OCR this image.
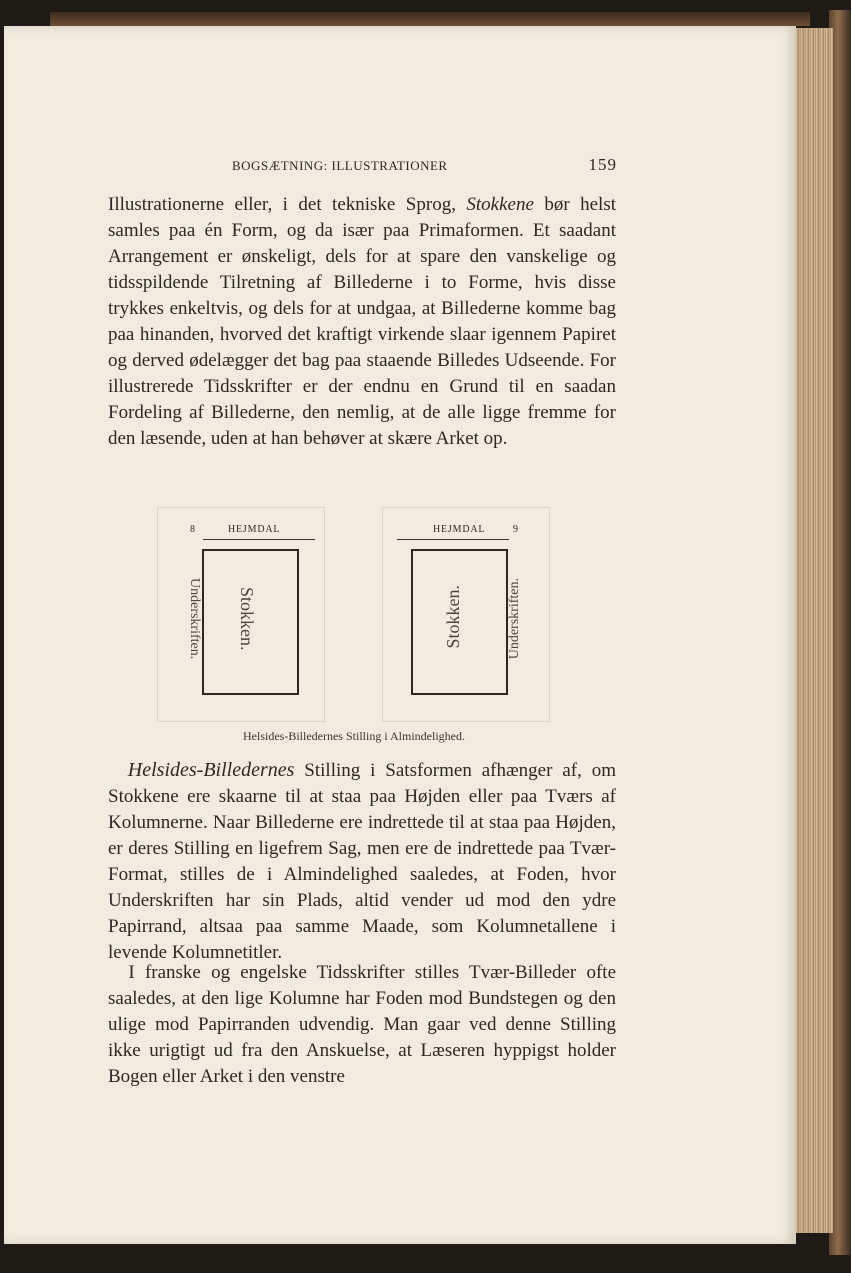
BOGSÆTNING: ILLUSTRATIONER	159

Illustrationerne eller, i det tekniske Sprog, Stokkene bør helst samles paa én Form, og da især paa Primaformen. Et saadant Arrangement er ønskeligt, dels for at spare den vanskelige og tidsspildende Tilretning af Billederne i to Forme, hvis disse trykkes enkeltvis, og dels for at undgaa, at Billederne komme bag paa hinanden, hvorved det kraftigt virkende slaar igennem Papiret og derved ødelægger det bag paa staaende Billedes Udseende. For illustrerede Tidsskrifter er der endnu en Grund til en saadan Fordeling af Billederne, den nemlig, at de alle ligge fremme for den læsende, uden at han behøver at skære Arket op.

8	HEJMDAL
Underskriften. Stokken.
HEJMDAL	9
Stokken.	Underskriften.
Helsides-Billedernes Stilling i Almindelighed.

Helsides-Billedernes Stilling i Satsformen afhænger af, om Stokkene ere skaarne til at staa paa Højden eller paa Tværs af Kolumnerne. Naar Billederne ere indrettede til at staa paa Højden, er deres Stilling en ligefrem Sag, men ere de indrettede paa Tvær-Format, stilles de i Almindelighed saaledes, at Foden, hvor Underskriften har sin Plads, altid vender ud mod den ydre Papirrand, altsaa paa samme Maade, som Kolumnetallene i levende Kolumnetitler.

I franske og engelske Tidsskrifter stilles Tvær-Billeder ofte saaledes, at den lige Kolumne har Foden mod Bundstegen og den ulige mod Papirranden udvendig. Man gaar ved denne Stilling ikke urigtigt ud fra den Anskuelse, at Læseren hyppigst holder Bogen eller Arket i den venstre
